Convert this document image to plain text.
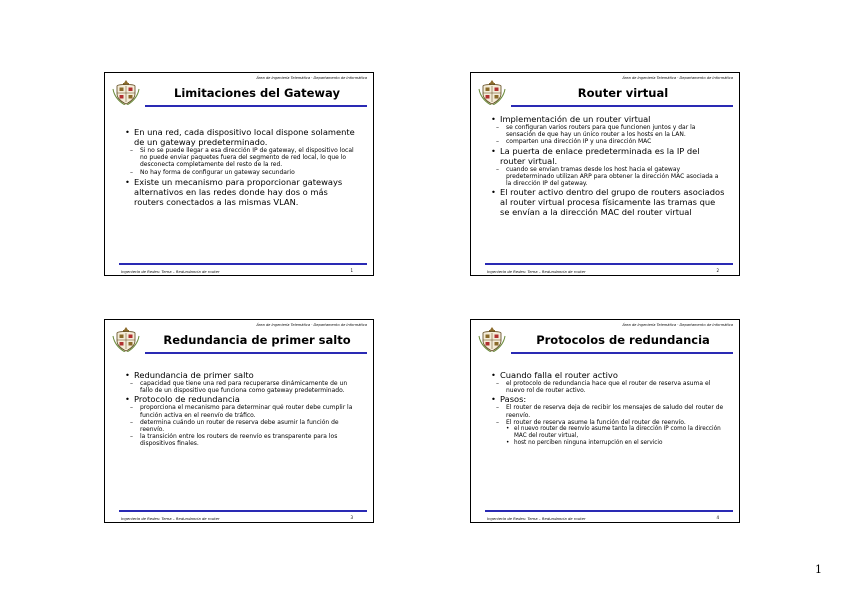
Área de Ingeniería Telemática · Departamento de Informática
Limitaciones del Gateway

• En una red, cada dispositivo local dispone solamente de un gateway predeterminado.

– Si no se puede llegar a esa dirección IP de gateway, el dispositivo local no puede enviar paquetes fuera del segmento de red local, lo que lo desconecta completamente del resto de la red.

– No hay forma de configurar un gateway secundario

• Existe un mecanismo para proporcionar gateways alternativos en las redes donde hay dos o más routers conectados a las mismas VLAN.

Ingeniería de Redes: Tema – Redundancia de router	1
Área de Ingeniería Telemática · Departamento de Informática
Router virtual

• Implementación de un router virtual

– se configuran varios routers para que funcionen juntos y dar la sensación de que hay un único router a los hosts en la LAN.

– comparten una dirección IP y una dirección MAC

• La puerta de enlace predeterminada es la IP del router virtual.

– cuando se envían tramas desde los host hacia el gateway predeterminado utilizan ARP para obtener la dirección MAC asociada a la dirección IP del gateway.

• El router activo dentro del grupo de routers asociados al router virtual procesa físicamente las tramas que se envían a la dirección MAC del router virtual

Ingeniería de Redes: Tema – Redundancia de router	2
Área de Ingeniería Telemática · Departamento de Informática
Redundancia de primer salto

• Redundancia de primer salto

– capacidad que tiene una red para recuperarse dinámicamente de un fallo de un dispositivo que funciona como gateway predeterminado.

• Protocolo de redundancia

– proporciona el mecanismo para determinar qué router debe cumplir la función activa en el reenvío de tráfico.

– determina cuándo un router de reserva debe asumir la función de reenvío.

– la transición entre los routers de reenvío es transparente para los dispositivos finales.

Ingeniería de Redes: Tema – Redundancia de router	3
Área de Ingeniería Telemática · Departamento de Informática
Protocolos de redundancia

• Cuando falla el router activo

– el protocolo de redundancia hace que el router de reserva asuma el nuevo rol de router activo.

• Pasos:

– El router de reserva deja de recibir los mensajes de saludo del router de reenvío.

– El router de reserva asume la función del router de reenvío.

• el nuevo router de reenvío asume tanto la dirección IP como la dirección MAC del router virtual,

• host no perciben ninguna interrupción en el servicio

Ingeniería de Redes: Tema – Redundancia de router	4
1
